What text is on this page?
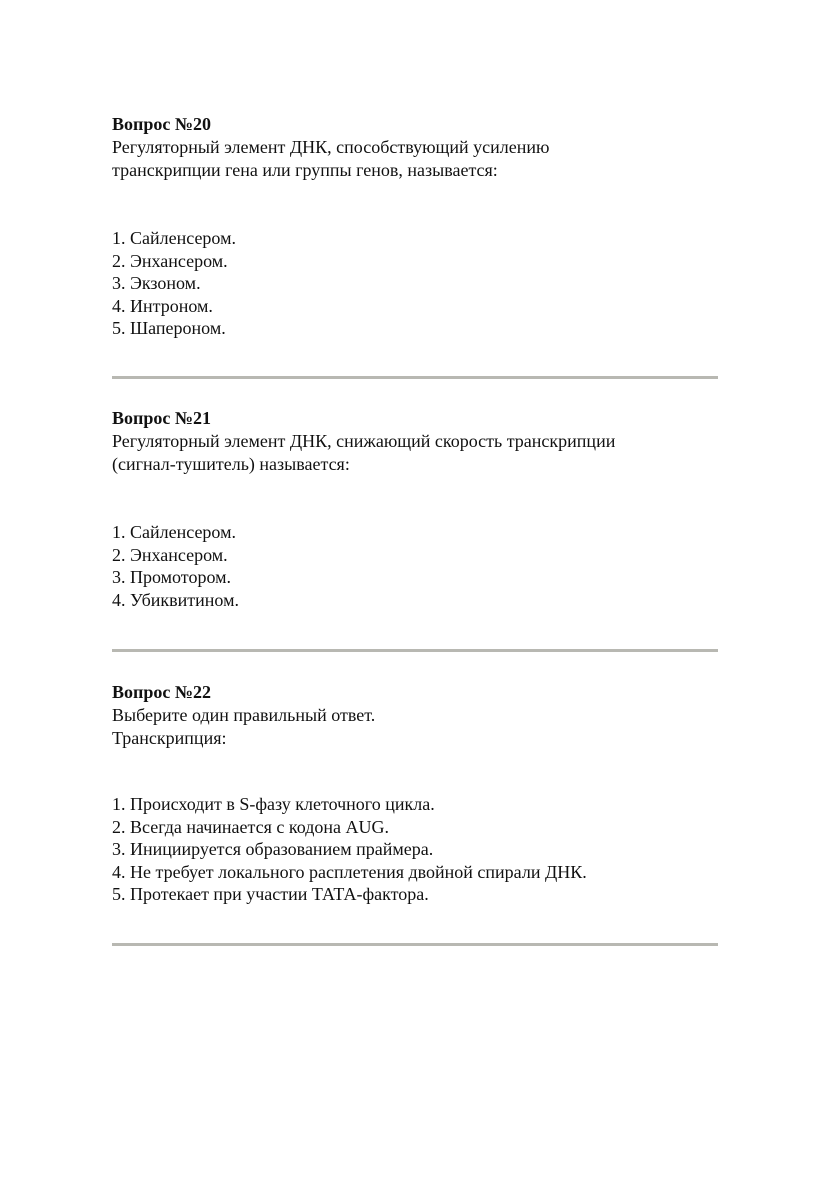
Вопрос №20

Регуляторный элемент ДНК, способствующий усилению

транскрипции гена или группы генов, называется:

1. Сайленсером.
2. Энхансером.
3. Экзоном.
4. Интроном.
5. Шапероном.

Вопрос №21

Регуляторный элемент ДНК, снижающий скорость транскрипции

(сигнал-тушитель) называется:

1. Сайленсером.
2. Энхансером.
3. Промотором.
4. Убиквитином.

Вопрос №22

Выберите один правильный ответ.

Транскрипция:

1. Происходит в S-фазу клеточного цикла.
2. Всегда начинается с кодона AUG.
3. Инициируется образованием праймера.
4. Не требует локального расплетения двойной спирали ДНК.
5. Протекает при участии ТАТА-фактора.
